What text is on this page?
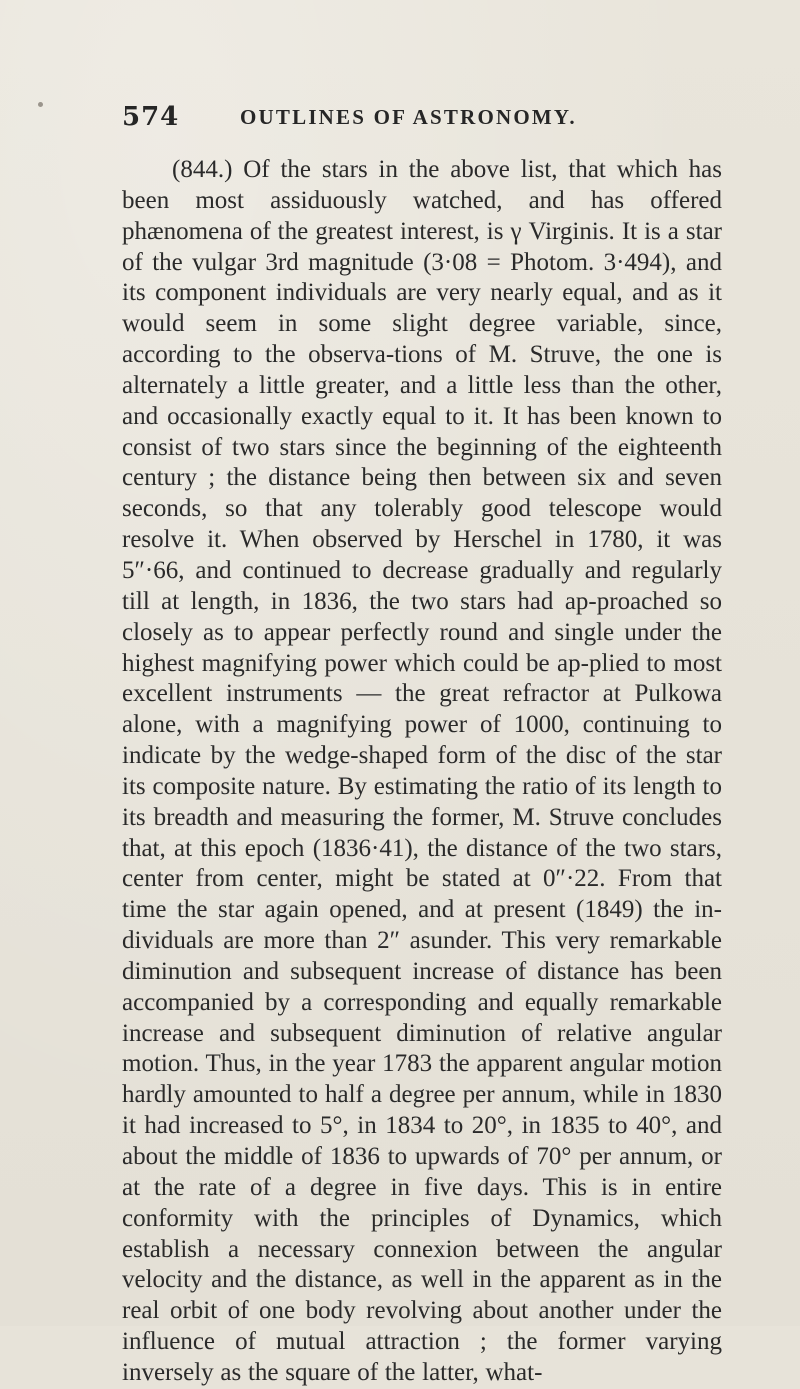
574	OUTLINES OF ASTRONOMY.

(844.) Of the stars in the above list, that which has been most assiduously watched, and has offered phænomena of the greatest interest, is γ Virginis. It is a star of the vulgar 3rd magnitude (3·08 = Photom. 3·494), and its component individuals are very nearly equal, and as it would seem in some slight degree variable, since, according to the observa-tions of M. Struve, the one is alternately a little greater, and a little less than the other, and occasionally exactly equal to it. It has been known to consist of two stars since the beginning of the eighteenth century ; the distance being then between six and seven seconds, so that any tolerably good telescope would resolve it. When observed by Herschel in 1780, it was 5″·66, and continued to decrease gradually and regularly till at length, in 1836, the two stars had ap-proached so closely as to appear perfectly round and single under the highest magnifying power which could be ap-plied to most excellent instruments — the great refractor at Pulkowa alone, with a magnifying power of 1000, continuing to indicate by the wedge-shaped form of the disc of the star its composite nature. By estimating the ratio of its length to its breadth and measuring the former, M. Struve concludes that, at this epoch (1836·41), the distance of the two stars, center from center, might be stated at 0″·22. From that time the star again opened, and at present (1849) the in-dividuals are more than 2″ asunder. This very remarkable diminution and subsequent increase of distance has been accompanied by a corresponding and equally remarkable increase and subsequent diminution of relative angular motion. Thus, in the year 1783 the apparent angular motion hardly amounted to half a degree per annum, while in 1830 it had increased to 5°, in 1834 to 20°, in 1835 to 40°, and about the middle of 1836 to upwards of 70° per annum, or at the rate of a degree in five days. This is in entire conformity with the principles of Dynamics, which establish a necessary connexion between the angular velocity and the distance, as well in the apparent as in the real orbit of one body revolving about another under the influence of mutual attraction ; the former varying inversely as the square of the latter, what-
